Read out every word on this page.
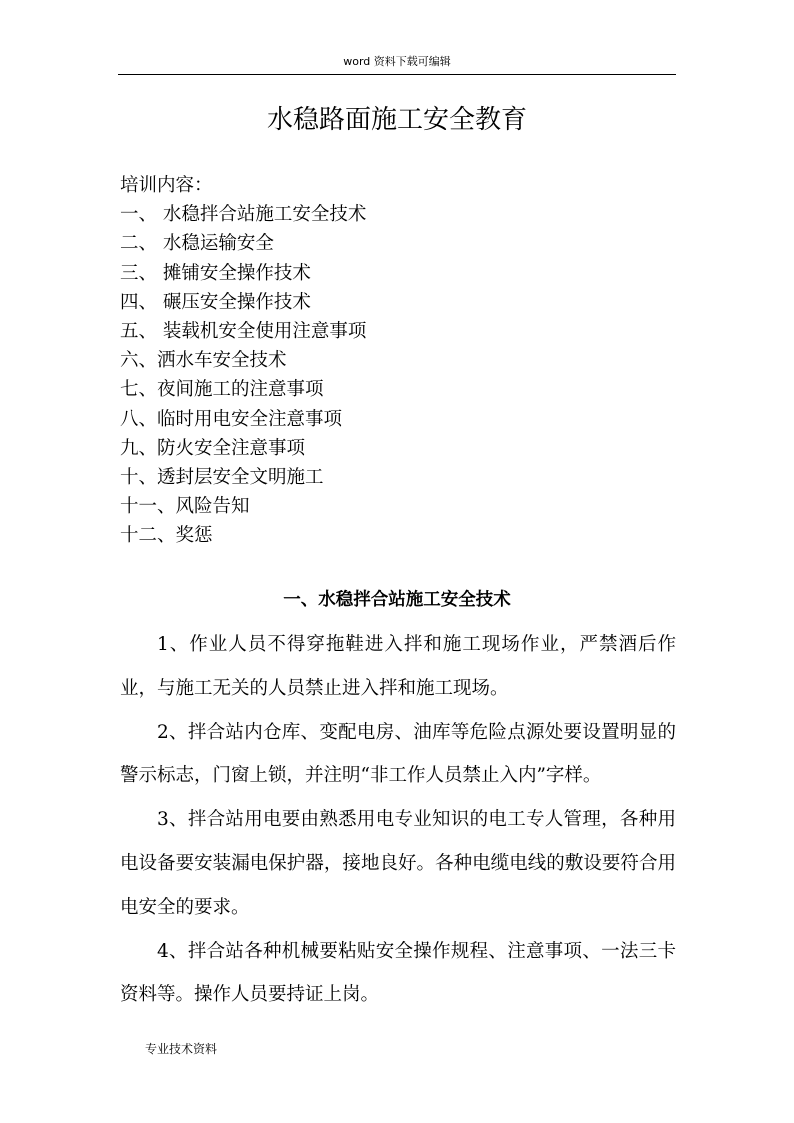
word 资料下载可编辑
水稳路面施工安全教育
培训内容：
一、 水稳拌合站施工安全技术
二、 水稳运输安全
三、 摊铺安全操作技术
四、 碾压安全操作技术
五、 装载机安全使用注意事项
六、洒水车安全技术
七、夜间施工的注意事项
八、临时用电安全注意事项
九、防火安全注意事项
十、透封层安全文明施工
十一、风险告知
十二、奖惩
一、水稳拌合站施工安全技术

1、作业人员不得穿拖鞋进入拌和施工现场作业，严禁酒后作业，与施工无关的人员禁止进入拌和施工现场。

2、拌合站内仓库、变配电房、油库等危险点源处要设置明显的警示标志，门窗上锁，并注明“非工作人员禁止入内”字样。

3、拌合站用电要由熟悉用电专业知识的电工专人管理，各种用电设备要安装漏电保护器，接地良好。各种电缆电线的敷设要符合用电安全的要求。

4、拌合站各种机械要粘贴安全操作规程、注意事项、一法三卡资料等。操作人员要持证上岗。

专业技术资料
